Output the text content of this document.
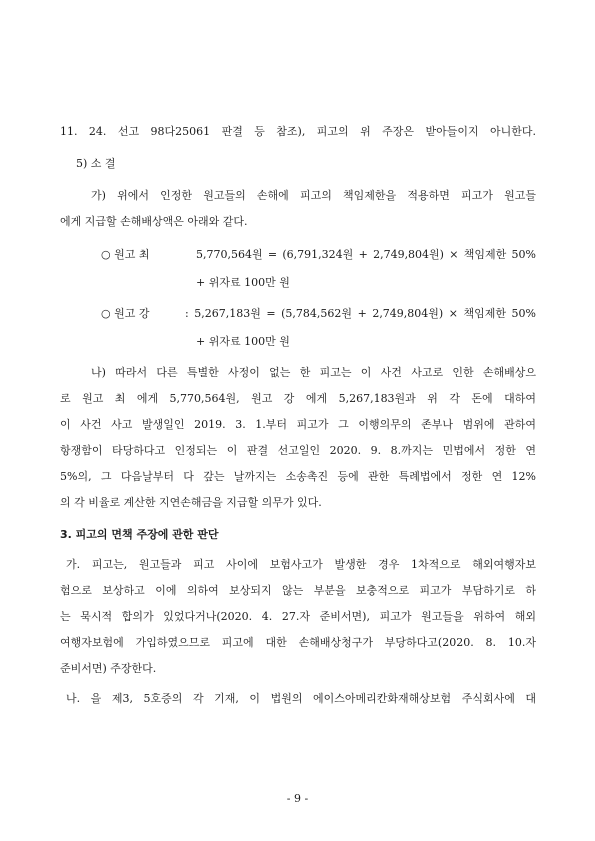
11. 24. 선고 98다25061 판결 등 참조), 피고의 위 주장은 받아들이지 아니한다.
5) 소 결
가) 위에서 인정한 원고들의 손해에 피고의 책임제한을 적용하면 피고가 원고들
에게 지급할 손해배상액은 아래와 같다.
○ 원고 최	5,770,564원 = (6,791,324원 + 2,749,804원) × 책임제한 50%
+ 위자료 100만 원
○ 원고 강	: 5,267,183원 = (5,784,562원 + 2,749,804원) × 책임제한 50%
+ 위자료 100만 원
나) 따라서 다른 특별한 사정이 없는 한 피고는 이 사건 사고로 인한 손해배상으
로 원고 최 에게 5,770,564원, 원고 강 에게 5,267,183원과 위 각 돈에 대하여
이 사건 사고 발생일인 2019. 3. 1.부터 피고가 그 이행의무의 존부나 범위에 관하여
항쟁함이 타당하다고 인정되는 이 판결 선고일인 2020. 9. 8.까지는 민법에서 정한 연
5%의, 그 다음날부터 다 갚는 날까지는 소송촉진 등에 관한 특례법에서 정한 연 12%
의 각 비율로 계산한 지연손해금을 지급할 의무가 있다.
3. 피고의 면책 주장에 관한 판단
가. 피고는, 원고들과 피고 사이에 보험사고가 발생한 경우 1차적으로 해외여행자보
험으로 보상하고 이에 의하여 보상되지 않는 부분을 보충적으로 피고가 부담하기로 하
는 묵시적 합의가 있었다거나(2020. 4. 27.자 준비서면), 피고가 원고들을 위하여 해외
여행자보험에 가입하였으므로 피고에 대한 손해배상청구가 부당하다고(2020. 8. 10.자
준비서면) 주장한다.
나. 을 제3, 5호증의 각 기재, 이 법원의 에이스아메리칸화재해상보험 주식회사에 대
- 9 -
